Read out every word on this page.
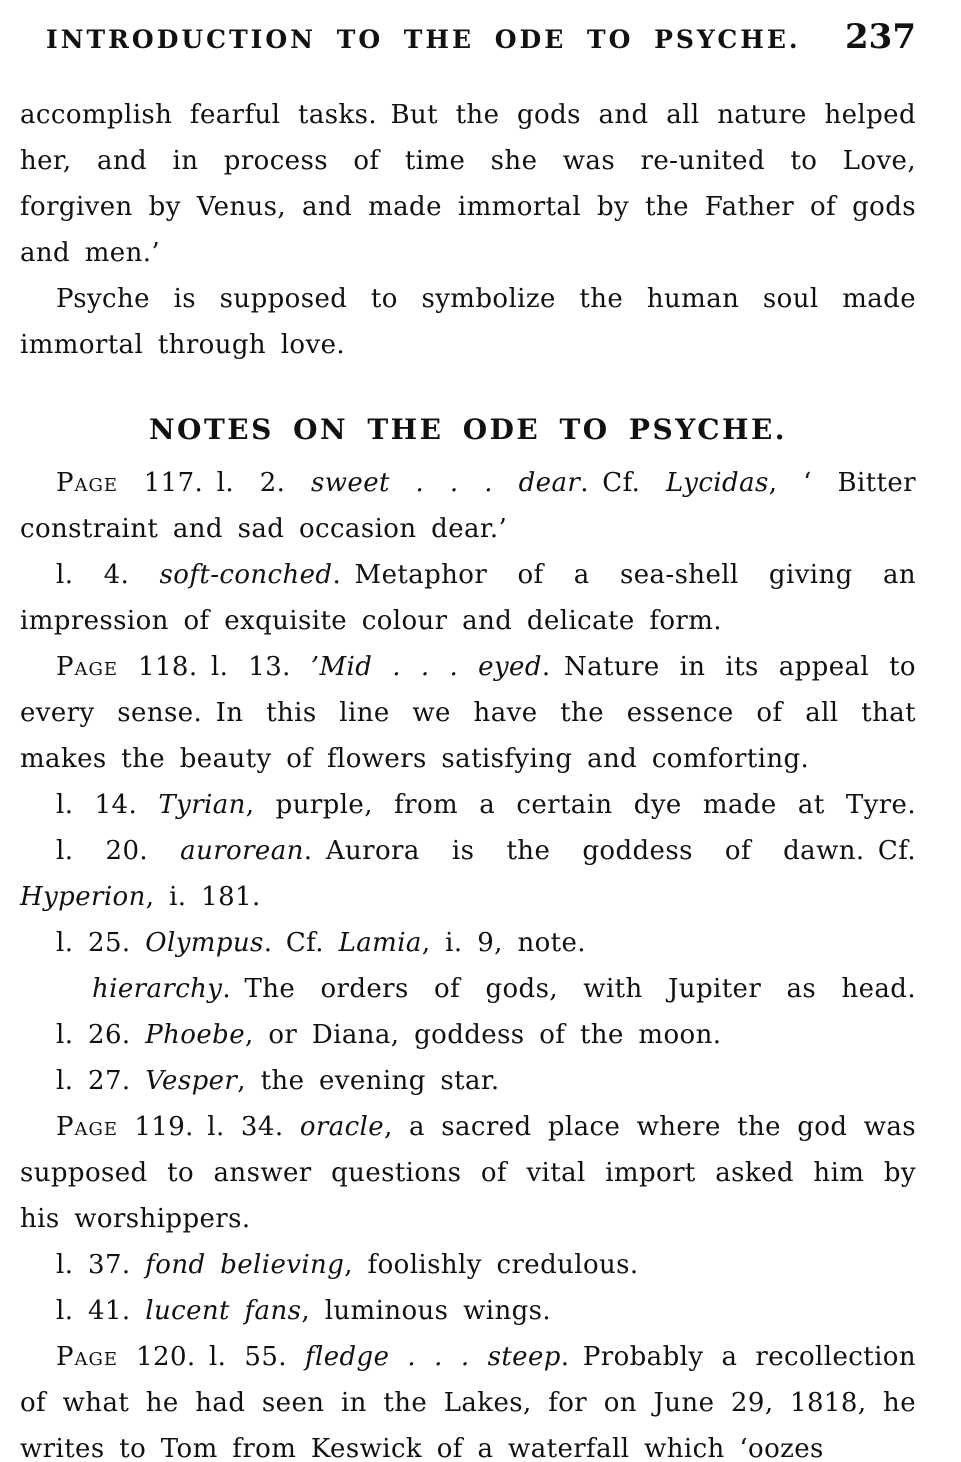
INTRODUCTION TO THE ODE TO PSYCHE. 237

accomplish fearful tasks. But the gods and all nature helped her, and in process of time she was re-united to Love, forgiven by Venus, and made immortal by the Father of gods and men.’

Psyche is supposed to symbolize the human soul made immortal through love.

NOTES ON THE ODE TO PSYCHE.

Page 117. l. 2. sweet . . . dear. Cf. Lycidas, ‘ Bitter constraint and sad occasion dear.’

l. 4. soft-conched. Metaphor of a sea-shell giving an impression of exquisite colour and delicate form.

Page 118. l. 13. ’Mid . . . eyed. Nature in its appeal to every sense. In this line we have the essence of all that makes the beauty of flowers satisfying and comforting.

l. 14. Tyrian, purple, from a certain dye made at Tyre.

l. 20. aurorean. Aurora is the goddess of dawn. Cf. Hyperion, i. 181.

l. 25. Olympus. Cf. Lamia, i. 9, note.

hierarchy. The orders of gods, with Jupiter as head.

l. 26. Phoebe, or Diana, goddess of the moon.

l. 27. Vesper, the evening star.

Page 119. l. 34. oracle, a sacred place where the god was supposed to answer questions of vital import asked him by his worshippers.

l. 37. fond believing, foolishly credulous.

l. 41. lucent fans, luminous wings.

Page 120. l. 55. fledge . . . steep. Probably a recollection of what he had seen in the Lakes, for on June 29, 1818, he writes to Tom from Keswick of a waterfall which ‘oozes
